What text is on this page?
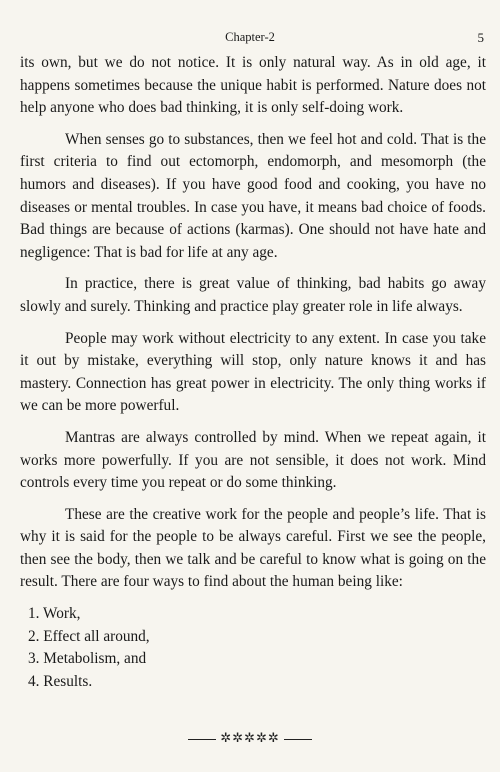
Chapter-2	5

its own, but we do not notice. It is only natural way. As in old age, it happens sometimes because the unique habit is performed. Nature does not help anyone who does bad thinking, it is only self-doing work.

When senses go to substances, then we feel hot and cold. That is the first criteria to find out ectomorph, endomorph, and mesomorph (the humors and diseases). If you have good food and cooking, you have no diseases or mental troubles. In case you have, it means bad choice of foods. Bad things are because of actions (karmas). One should not have hate and negligence: That is bad for life at any age.

In practice, there is great value of thinking, bad habits go away slowly and surely. Thinking and practice play greater role in life always.

People may work without electricity to any extent. In case you take it out by mistake, everything will stop, only nature knows it and has mastery. Connection has great power in electricity. The only thing works if we can be more powerful.

Mantras are always controlled by mind. When we repeat again, it works more powerfully. If you are not sensible, it does not work. Mind controls every time you repeat or do some thinking.

These are the creative work for the people and people’s life. That is why it is said for the people to be always careful. First we see the people, then see the body, then we talk and be careful to know what is going on the result. There are four ways to find about the human being like:

1. Work,
2. Effect all around,
3. Metabolism, and
4. Results.
✲✲✲✲✲
